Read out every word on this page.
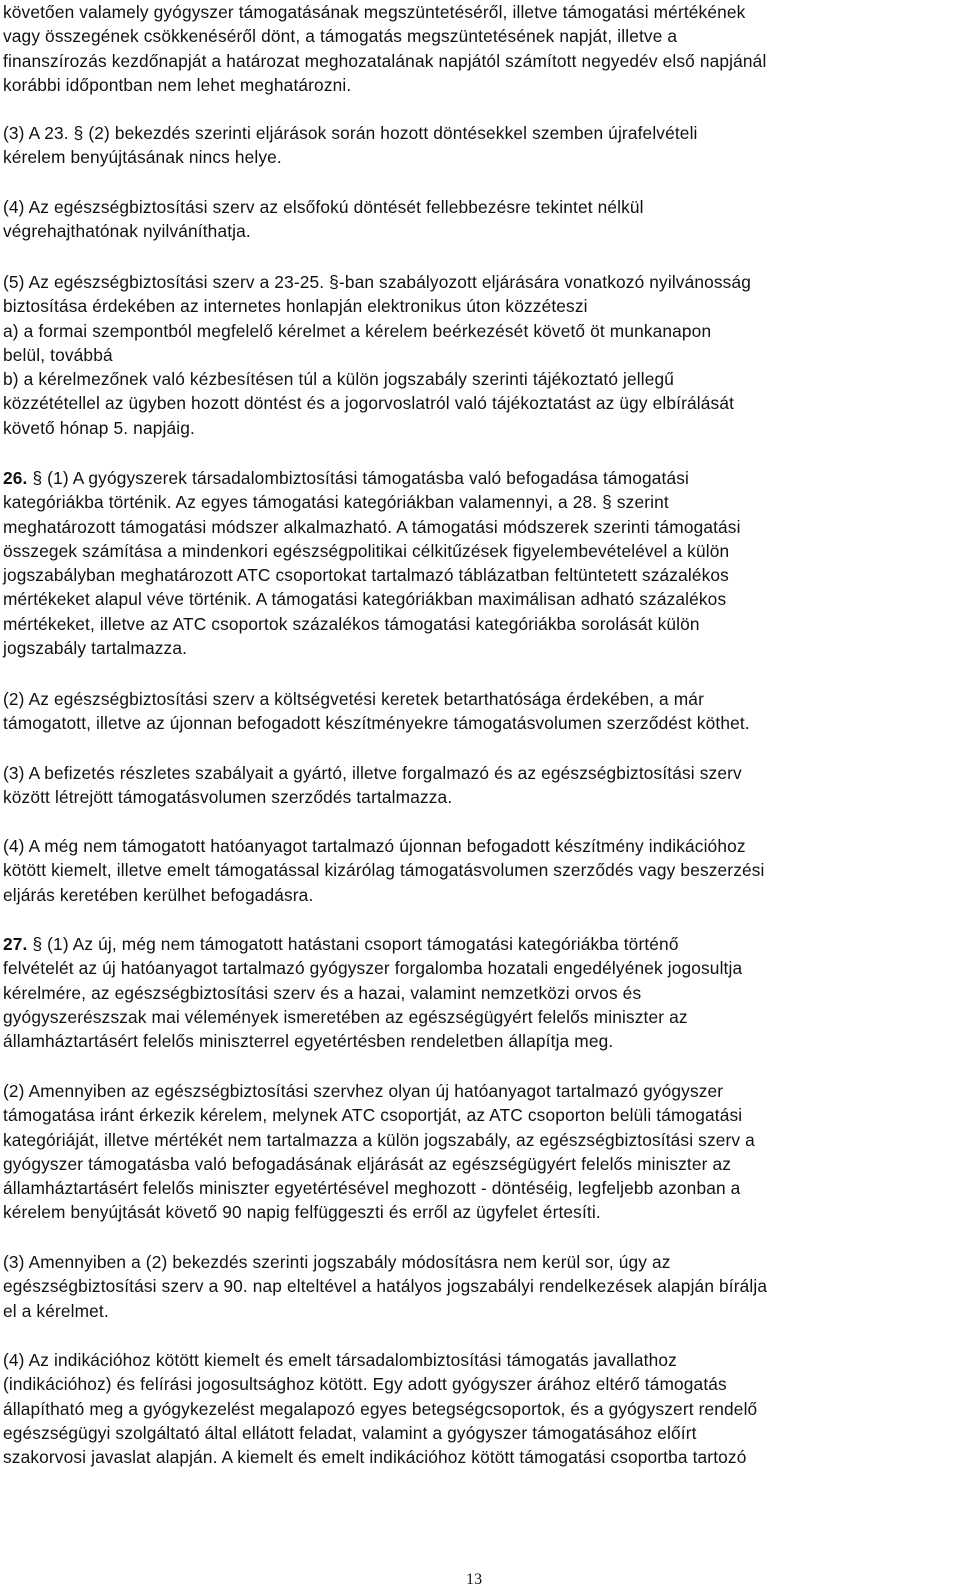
követően valamely gyógyszer támogatásának megszüntetéséről, illetve támogatási mértékének
vagy összegének csökkenéséről dönt, a támogatás megszüntetésének napját, illetve a
finanszírozás kezdőnapját a határozat meghozatalának napjától számított negyedév első napjánál
korábbi időpontban nem lehet meghatározni.

(3) A 23. § (2) bekezdés szerinti eljárások során hozott döntésekkel szemben újrafelvételi
kérelem benyújtásának nincs helye.

(4) Az egészségbiztosítási szerv az elsőfokú döntését fellebbezésre tekintet nélkül
végrehajthatónak nyilváníthatja.

(5) Az egészségbiztosítási szerv a 23-25. §-ban szabályozott eljárására vonatkozó nyilvánosság
biztosítása érdekében az internetes honlapján elektronikus úton közzéteszi
a) a formai szempontból megfelelő kérelmet a kérelem beérkezését követő öt munkanapon
belül, továbbá
b) a kérelmezőnek való kézbesítésen túl a külön jogszabály szerinti tájékoztató jellegű
közzététellel az ügyben hozott döntést és a jogorvoslatról való tájékoztatást az ügy elbírálását
követő hónap 5. napjáig.

26. § (1) A gyógyszerek társadalombiztosítási támogatásba való befogadása támogatási
kategóriákba történik. Az egyes támogatási kategóriákban valamennyi, a 28. § szerint
meghatározott támogatási módszer alkalmazható. A támogatási módszerek szerinti támogatási
összegek számítása a mindenkori egészségpolitikai célkitűzések figyelembevételével a külön
jogszabályban meghatározott ATC csoportokat tartalmazó táblázatban feltüntetett százalékos
mértékeket alapul véve történik. A támogatási kategóriákban maximálisan adható százalékos
mértékeket, illetve az ATC csoportok százalékos támogatási kategóriákba sorolását külön
jogszabály tartalmazza.

(2) Az egészségbiztosítási szerv a költségvetési keretek betarthatósága érdekében, a már
támogatott, illetve az újonnan befogadott készítményekre támogatásvolumen szerződést köthet.

(3) A befizetés részletes szabályait a gyártó, illetve forgalmazó és az egészségbiztosítási szerv
között létrejött támogatásvolumen szerződés tartalmazza.

(4) A még nem támogatott hatóanyagot tartalmazó újonnan befogadott készítmény indikációhoz
kötött kiemelt, illetve emelt támogatással kizárólag támogatásvolumen szerződés vagy beszerzési
eljárás keretében kerülhet befogadásra.

27. § (1) Az új, még nem támogatott hatástani csoport támogatási kategóriákba történő
felvételét az új hatóanyagot tartalmazó gyógyszer forgalomba hozatali engedélyének jogosultja
kérelmére, az egészségbiztosítási szerv és a hazai, valamint nemzetközi orvos és
gyógyszerészszak mai vélemények ismeretében az egészségügyért felelős miniszter az
államháztartásért felelős miniszterrel egyetértésben rendeletben állapítja meg.

(2) Amennyiben az egészségbiztosítási szervhez olyan új hatóanyagot tartalmazó gyógyszer
támogatása iránt érkezik kérelem, melynek ATC csoportját, az ATC csoporton belüli támogatási
kategóriáját, illetve mértékét nem tartalmazza a külön jogszabály, az egészségbiztosítási szerv a
gyógyszer támogatásba való befogadásának eljárását az egészségügyért felelős miniszter az
államháztartásért felelős miniszter egyetértésével meghozott - döntéséig, legfeljebb azonban a
kérelem benyújtását követő 90 napig felfüggeszti és erről az ügyfelet értesíti.

(3) Amennyiben a (2) bekezdés szerinti jogszabály módosításra nem kerül sor, úgy az
egészségbiztosítási szerv a 90. nap elteltével a hatályos jogszabályi rendelkezések alapján bírálja
el a kérelmet.

(4) Az indikációhoz kötött kiemelt és emelt társadalombiztosítási támogatás javallathoz
(indikációhoz) és felírási jogosultsághoz kötött. Egy adott gyógyszer árához eltérő támogatás
állapítható meg a gyógykezelést megalapozó egyes betegségcsoportok, és a gyógyszert rendelő
egészségügyi szolgáltató által ellátott feladat, valamint a gyógyszer támogatásához előírt
szakorvosi javaslat alapján. A kiemelt és emelt indikációhoz kötött támogatási csoportba tartozó

13
